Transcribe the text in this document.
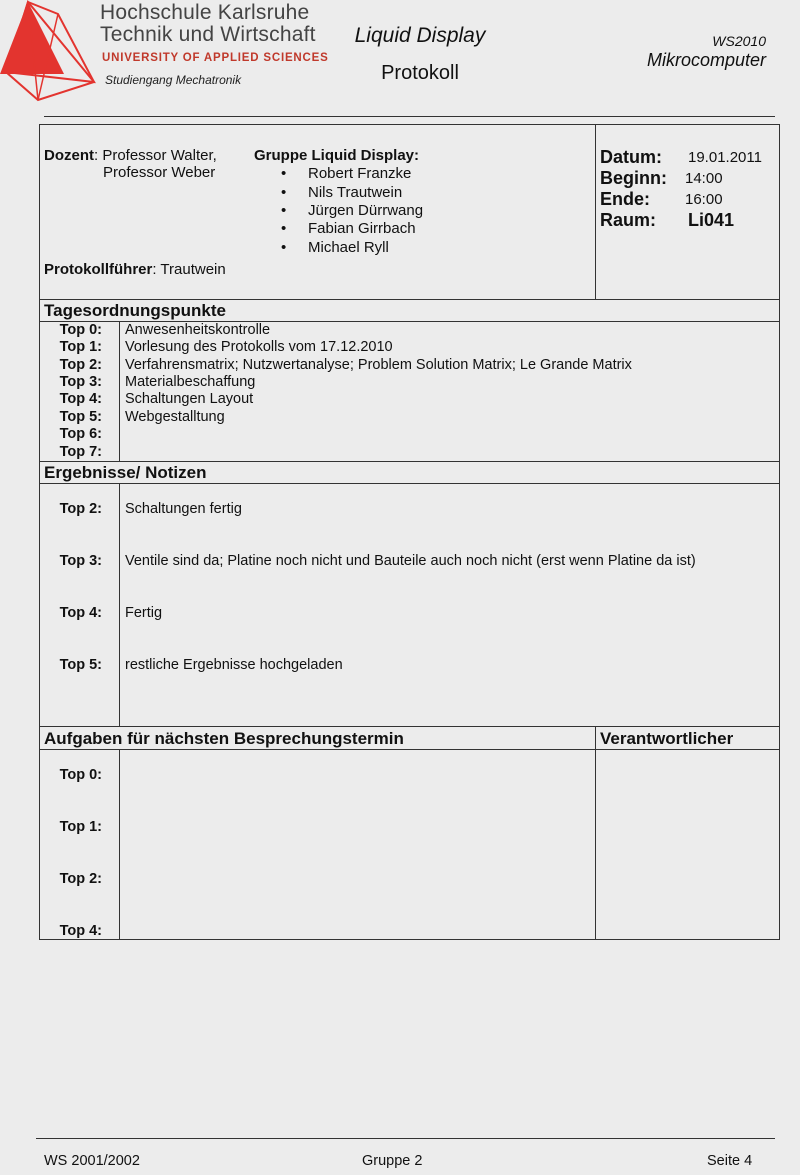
Hochschule Karlsruhe
Technik und Wirtschaft
UNIVERSITY OF APPLIED SCIENCES
Studiengang Mechatronik
Liquid Display
Protokoll
WS2010
Mikrocomputer
Dozent: Professor Walter,
Professor Weber
Gruppe Liquid Display:
• Robert Franzke
• Nils Trautwein
• Jürgen Dürrwang
• Fabian Girrbach
• Michael Ryll
Protokollführer: Trautwein
Datum: 19.01.2011
Beginn: 14:00
Ende: 16:00
Raum: Li041
Tagesordnungspunkte
Top 0: Anwesenheitskontrolle
Top 1: Vorlesung des Protokolls vom 17.12.2010
Top 2: Verfahrensmatrix; Nutzwertanalyse; Problem Solution Matrix; Le Grande Matrix
Top 3: Materialbeschaffung
Top 4: Schaltungen Layout
Top 5: Webgestalltung
Top 6:
Top 7:
Ergebnisse/ Notizen
Top 2: Schaltungen fertig
Top 3: Ventile sind da; Platine noch nicht und Bauteile auch noch nicht (erst wenn Platine da ist)
Top 4: Fertig
Top 5: restliche Ergebnisse hochgeladen
Aufgaben für nächsten Besprechungstermin	Verantwortlicher
Top 0:
Top 1:
Top 2:
Top 4:
WS 2001/2002	Gruppe 2	Seite 4
